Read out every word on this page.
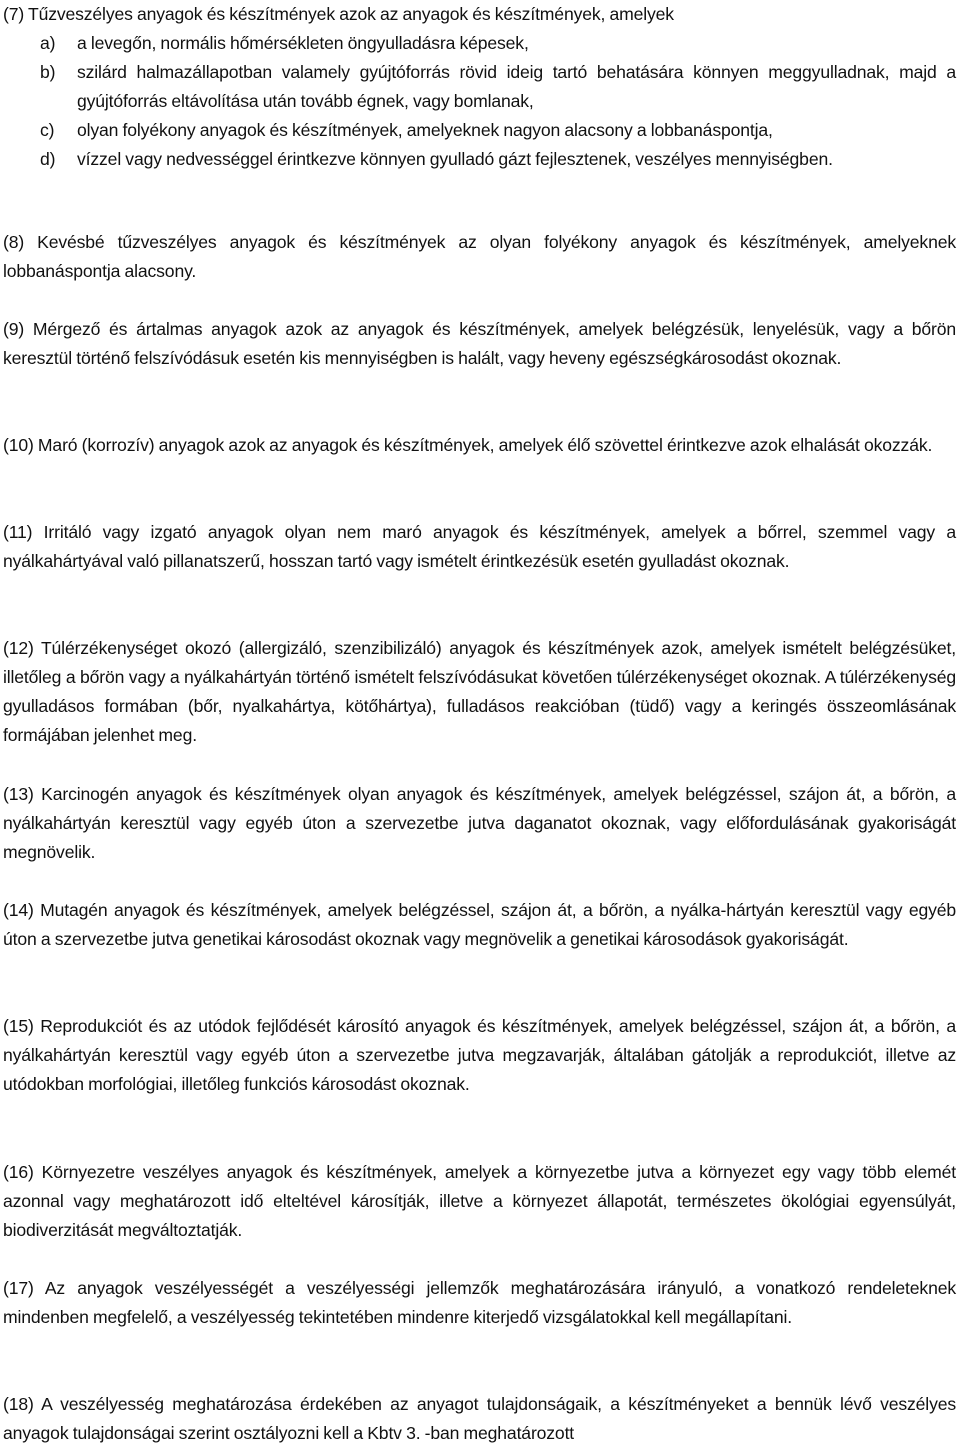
(7) Tűzveszélyes anyagok és készítmények azok az anyagok és készítmények, amelyek

a)	a levegőn, normális hőmérsékleten öngyulladásra képesek,
b)	szilárd halmazállapotban valamely gyújtóforrás rövid ideig tartó behatására könnyen meggyulladnak, majd a gyújtóforrás eltávolítása után tovább égnek, vagy bomlanak,
c)	olyan folyékony anyagok és készítmények, amelyeknek nagyon alacsony a lobbanáspontja,
d)	vízzel vagy nedvességgel érintkezve könnyen gyulladó gázt fejlesztenek, veszélyes mennyiségben.

(8) Kevésbé tűzveszélyes anyagok és készítmények az olyan folyékony anyagok és készítmények, amelyeknek lobbanáspontja alacsony.

(9) Mérgező és ártalmas anyagok azok az anyagok és készítmények, amelyek belégzésük, lenyelésük, vagy a bőrön keresztül történő felszívódásuk esetén kis mennyiségben is halált, vagy heveny egészségkárosodást okoznak.

(10) Maró (korrozív) anyagok azok az anyagok és készítmények, amelyek élő szövettel érintkezve azok elhalását okozzák.

(11) Irritáló vagy izgató anyagok olyan nem maró anyagok és készítmények, amelyek a bőrrel, szemmel vagy a nyálkahártyával való pillanatszerű, hosszan tartó vagy ismételt érintkezésük esetén gyulladást okoznak.

(12) Túlérzékenységet okozó (allergizáló, szenzibilizáló) anyagok és készítmények azok, amelyek ismételt belégzésüket, illetőleg a bőrön vagy a nyálkahártyán történő ismételt felszívódásukat követően túlérzékenységet okoznak. A túlérzékenység gyulladásos formában (bőr, nyalkahártya, kötőhártya), fulladásos reakcióban (tüdő) vagy a keringés összeomlásának formájában jelenhet meg.

(13) Karcinogén anyagok és készítmények olyan anyagok és készítmények, amelyek belégzéssel, szájon át, a bőrön, a nyálkahártyán keresztül vagy egyéb úton a szervezetbe jutva daganatot okoznak, vagy előfordulásának gyakoriságát megnövelik.

(14) Mutagén anyagok és készítmények, amelyek belégzéssel, szájon át, a bőrön, a nyálka-hártyán keresztül vagy egyéb úton a szervezetbe jutva genetikai károsodást okoznak vagy megnövelik a genetikai károsodások gyakoriságát.

(15) Reprodukciót és az utódok fejlődését károsító anyagok és készítmények, amelyek belégzéssel, szájon át, a bőrön, a nyálkahártyán keresztül vagy egyéb úton a szervezetbe jutva megzavarják, általában gátolják a reprodukciót, illetve az utódokban morfológiai, illetőleg funkciós károsodást okoznak.

(16) Környezetre veszélyes anyagok és készítmények, amelyek a környezetbe jutva a környezet egy vagy több elemét azonnal vagy meghatározott idő elteltével károsítják, illetve a környezet állapotát, természetes ökológiai egyensúlyát, biodiverzitását megváltoztatják.

(17) Az anyagok veszélyességét a veszélyességi jellemzők meghatározására irányuló, a vonatkozó rendeleteknek mindenben megfelelő, a veszélyesség tekintetében mindenre kiterjedő vizsgálatokkal kell megállapítani.

(18) A veszélyesség meghatározása érdekében az anyagot tulajdonságaik, a készítményeket a bennük lévő veszélyes anyagok tulajdonságai szerint osztályozni kell a Kbtv 3. -ban meghatározott
